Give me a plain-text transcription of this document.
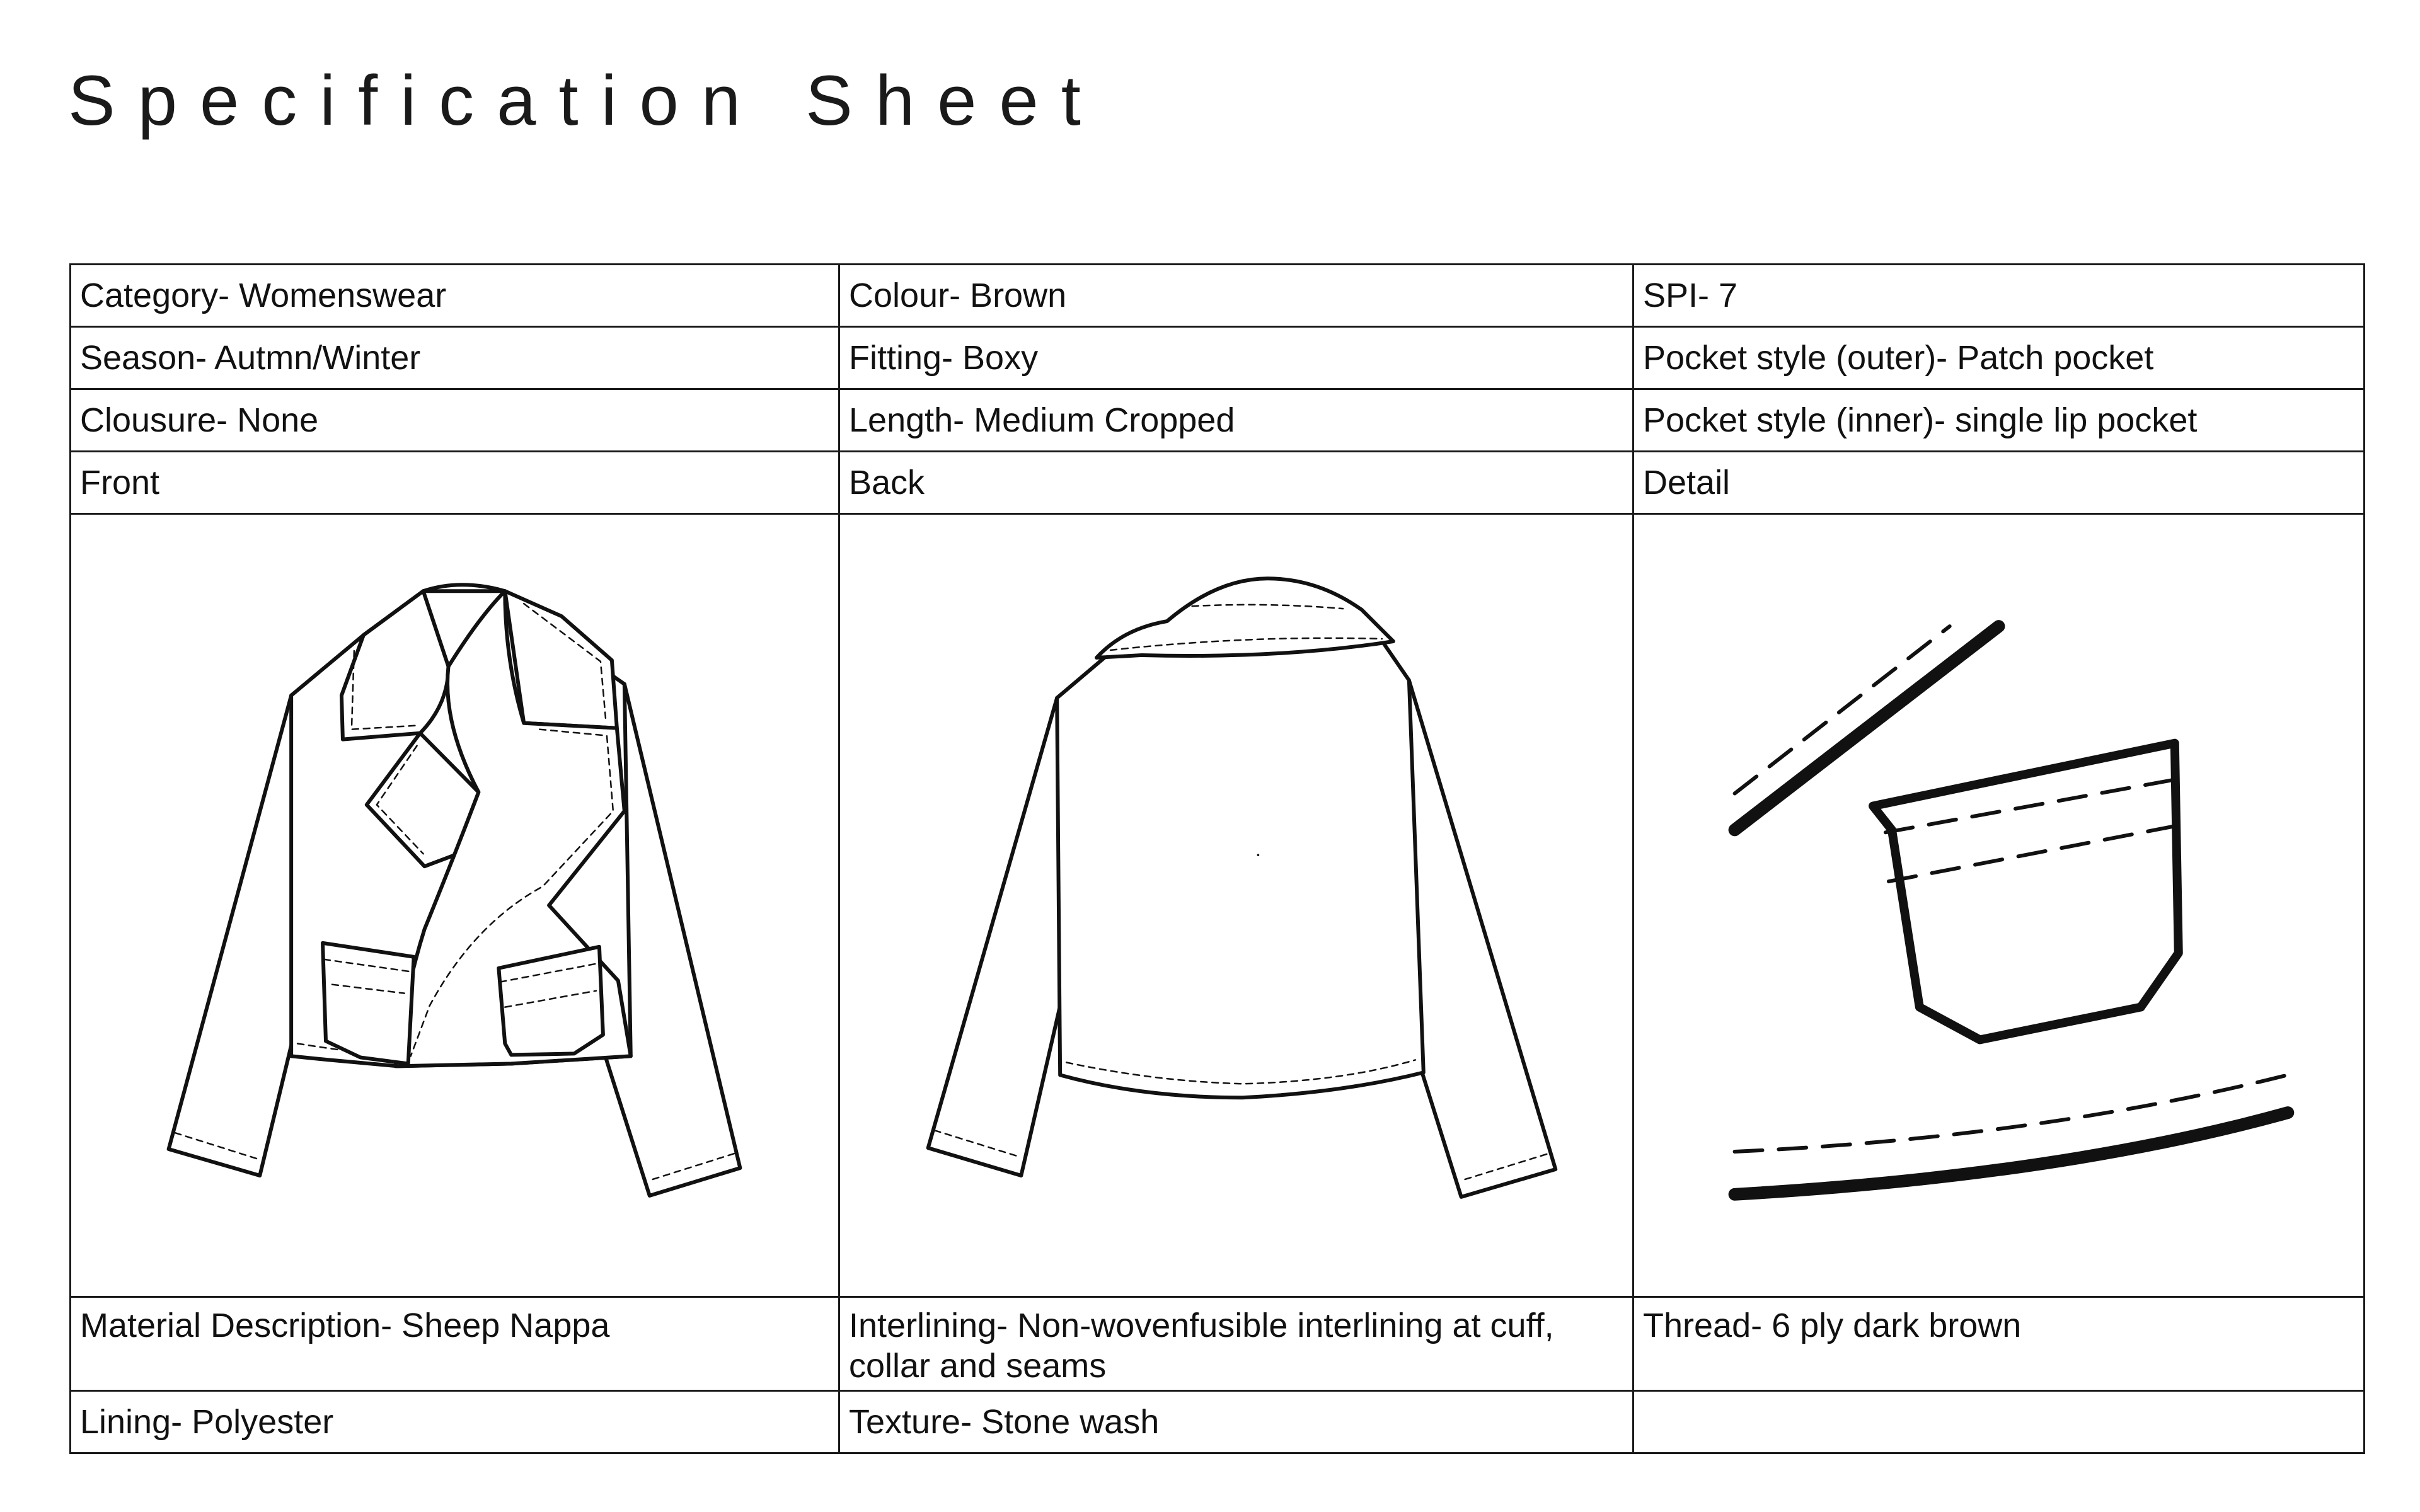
Specification Sheet
Category- Womenswear	Colour- Brown	SPI- 7
Season- Autmn/Winter	Fitting- Boxy	Pocket style (outer)- Patch pocket
Clousure- None	Length- Medium Cropped	Pocket style (inner)- single lip pocket
Front	Back	Detail

Material Description- Sheep Nappa	Interlining- Non-wovenfusible interlining at cuff, collar and seams	Thread- 6 ply dark brown
Lining- Polyester	Texture- Stone wash	
